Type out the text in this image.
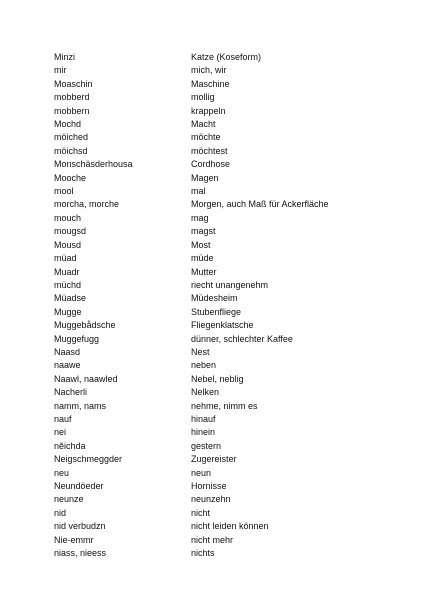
Minzi	Katze (Koseform)
mir	mich, wir
Moaschin	Maschine
mobberd	mollig
mobbern	krappeln
Mochd	Macht
möiched	möchte
möichsd	möchtest
Monschäsderhousa	Cordhose
Mooche	Magen
mool	mal
morcha, morche	Morgen, auch Maß für Ackerfläche
mouch	mag
mougsd	magst
Mousd	Most
müad	müde
Muadr	Mutter
müchd	riecht unangenehm
Müadse	Müdesheim
Mugge	Stubenfliege
Muggebådsche	Fliegenklatsche
Muggefugg	dünner, schlechter Kaffee
Naasd	Nest
naawe	neben
Naawl, naawled	Nebel, neblig
Nacherli	Nelken
namm, nams	nehme, nimm es
nauf	hinauf
nei	hinein
nĕichda	gestern
Neigschmeggder	Zugereister
neu	neun
Neundöeder	Hornisse
neunze	neunzehn
nid	nicht
nid verbudzn	nicht leiden können
Nie-emmr	nicht mehr
niass, nieess	nichts
